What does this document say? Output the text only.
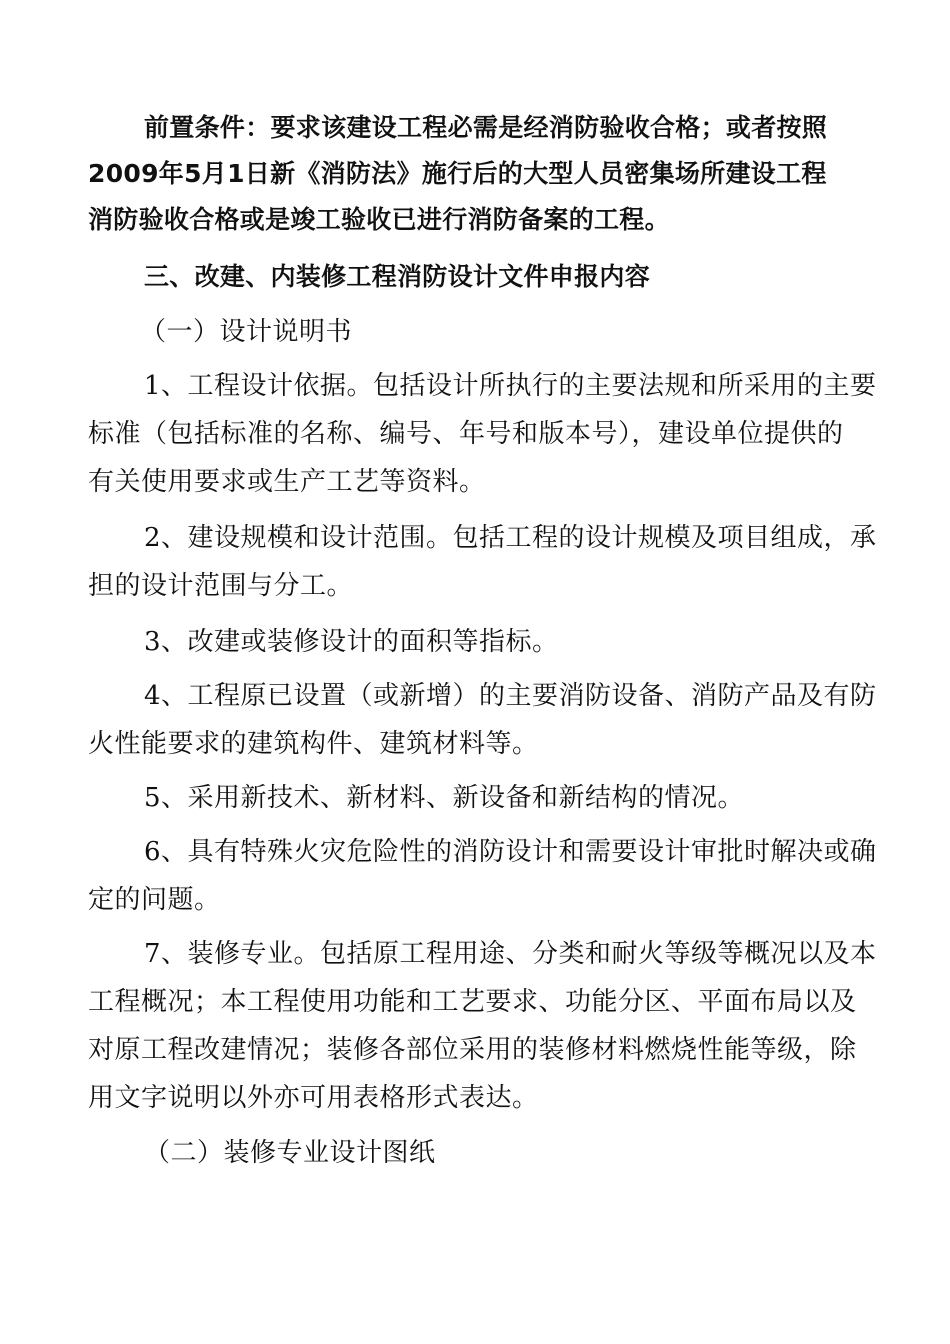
前置条件：要求该建设工程必需是经消防验收合格；或者按照
2009年5月1日新《消防法》施行后的大型人员密集场所建设工程
消防验收合格或是竣工验收已进行消防备案的工程。
三、改建、内装修工程消防设计文件申报内容
（一）设计说明书
1、工程设计依据。包括设计所执行的主要法规和所采用的主要
标准（包括标准的名称、编号、年号和版本号），建设单位提供的
有关使用要求或生产工艺等资料。
2、建设规模和设计范围。包括工程的设计规模及项目组成，承
担的设计范围与分工。
3、改建或装修设计的面积等指标。
4、工程原已设置（或新增）的主要消防设备、消防产品及有防
火性能要求的建筑构件、建筑材料等。
5、采用新技术、新材料、新设备和新结构的情况。
6、具有特殊火灾危险性的消防设计和需要设计审批时解决或确
定的问题。
7、装修专业。包括原工程用途、分类和耐火等级等概况以及本
工程概况；本工程使用功能和工艺要求、功能分区、平面布局以及
对原工程改建情况；装修各部位采用的装修材料燃烧性能等级，除
用文字说明以外亦可用表格形式表达。
（二）装修专业设计图纸
